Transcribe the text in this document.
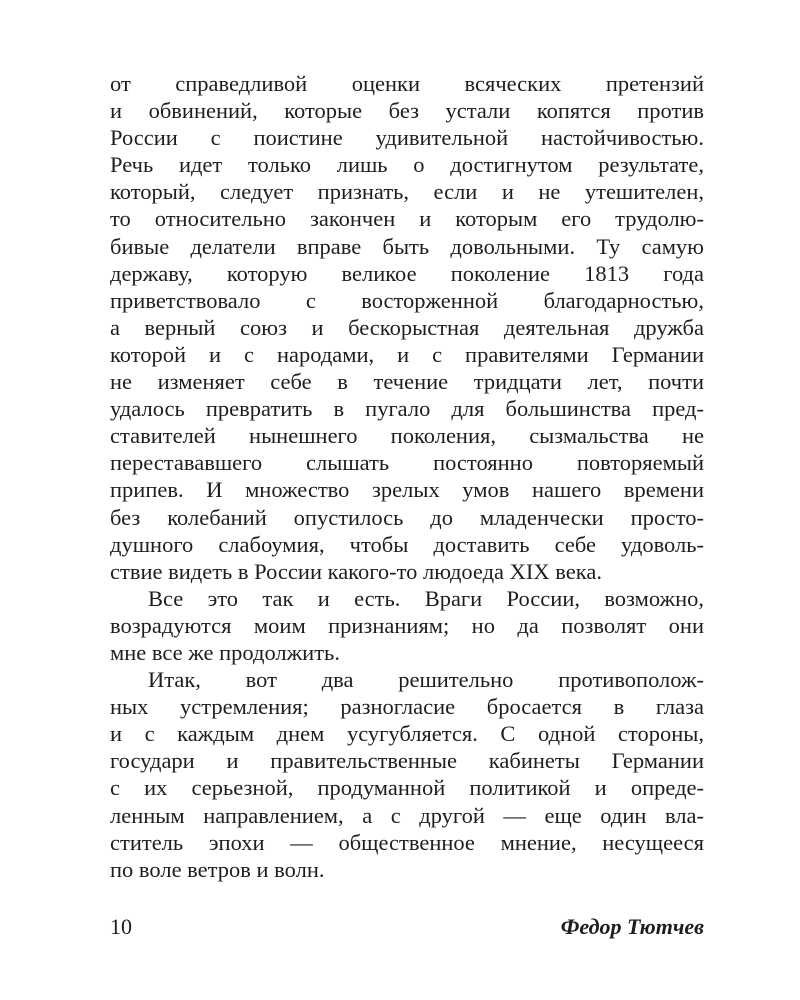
от справедливой оценки всяческих претензий
и обвинений, которые без устали копятся против
России с поистине удивительной настойчивостью.
Речь идет только лишь о достигнутом результате,
который, следует признать, если и не утешителен,
то относительно закончен и которым его трудолю-
бивые делатели вправе быть довольными. Ту самую
державу, которую великое поколение 1813 года
приветствовало с восторженной благодарностью,
а верный союз и бескорыстная деятельная дружба
которой и с народами, и с правителями Германии
не изменяет себе в течение тридцати лет, почти
удалось превратить в пугало для большинства пред-
ставителей нынешнего поколения, сызмальства не
перестававшего слышать постоянно повторяемый
припев. И множество зрелых умов нашего времени
без колебаний опустилось до младенчески просто-
душного слабоумия, чтобы доставить себе удоволь-
ствие видеть в России какого-то людоеда XIX века.
Все это так и есть. Враги России, возможно,
возрадуются моим признаниям; но да позволят они
мне все же продолжить.
Итак, вот два решительно противополож-
ных устремления; разногласие бросается в глаза
и с каждым днем усугубляется. С одной стороны,
государи и правительственные кабинеты Германии
с их серьезной, продуманной политикой и опреде-
ленным направлением, а с другой — еще один вла-
ститель эпохи — общественное мнение, несущееся
по воле ветров и волн.
10	Федор Тютчев
